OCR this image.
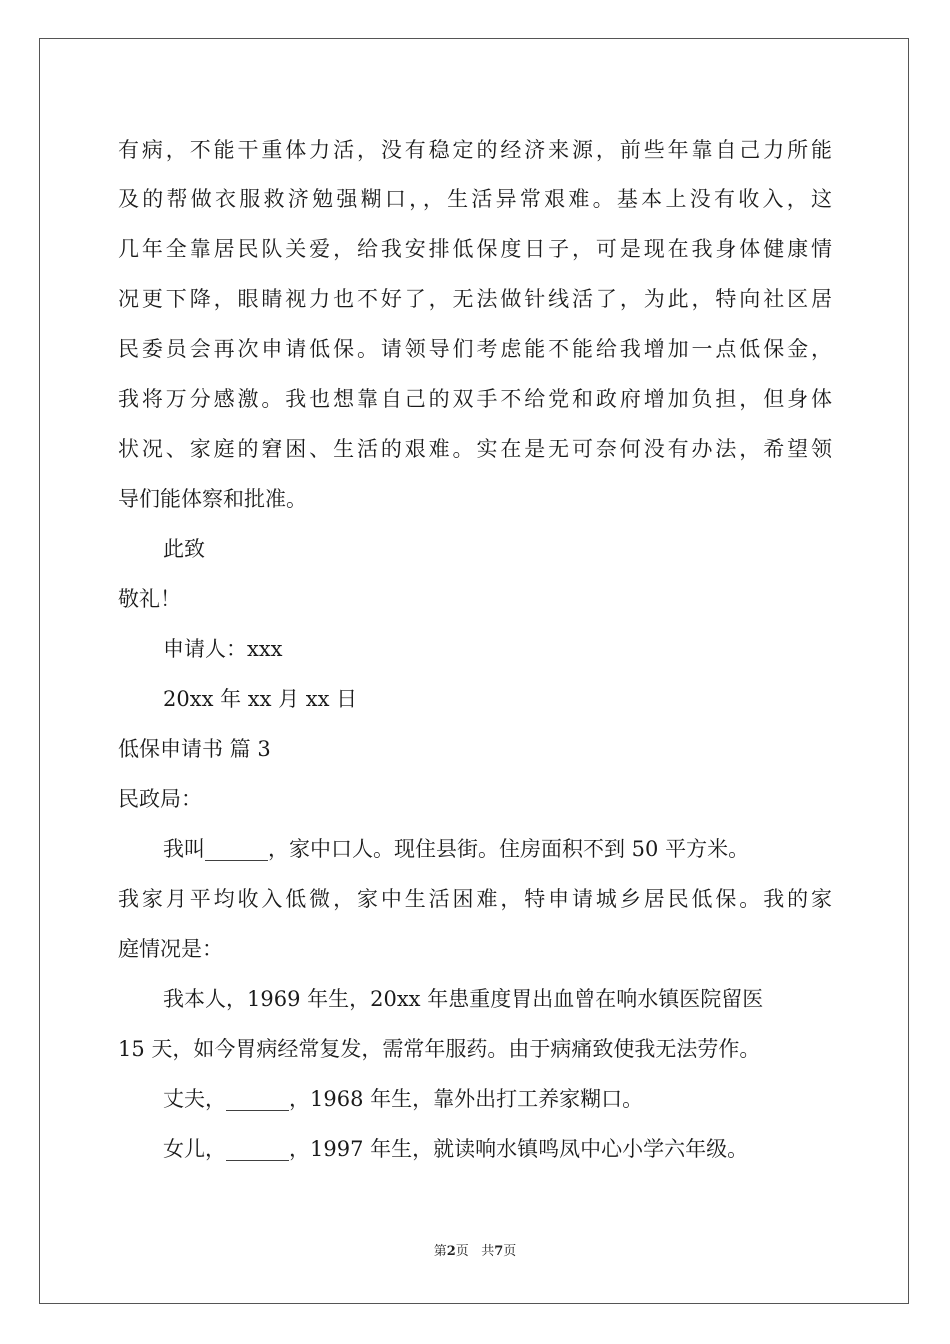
有病，不能干重体力活，没有稳定的经济来源，前些年靠自己力所能
及的帮做衣服救济勉强糊口，，生活异常艰难。基本上没有收入，这
几年全靠居民队关爱，给我安排低保度日子，可是现在我身体健康情
况更下降，眼睛视力也不好了，无法做针线活了，为此，特向社区居
民委员会再次申请低保。请领导们考虑能不能给我增加一点低保金，
我将万分感激。我也想靠自己的双手不给党和政府增加负担，但身体
状况、家庭的窘困、生活的艰难。实在是无可奈何没有办法，希望领
导们能体察和批准。
此致
敬礼！
申请人：xxx
20xx 年 xx 月 xx 日
低保申请书 篇 3
民政局：
我叫______，家中口人。现住县街。住房面积不到 50 平方米。
我家月平均收入低微，家中生活困难，特申请城乡居民低保。我的家
庭情况是：
我本人，1969 年生，20xx 年患重度胃出血曾在响水镇医院留医
15 天，如今胃病经常复发，需常年服药。由于病痛致使我无法劳作。
丈夫，______，1968 年生，靠外出打工养家糊口。
女儿，______，1997 年生，就读响水镇鸣凤中心小学六年级。
第2页 共7页
